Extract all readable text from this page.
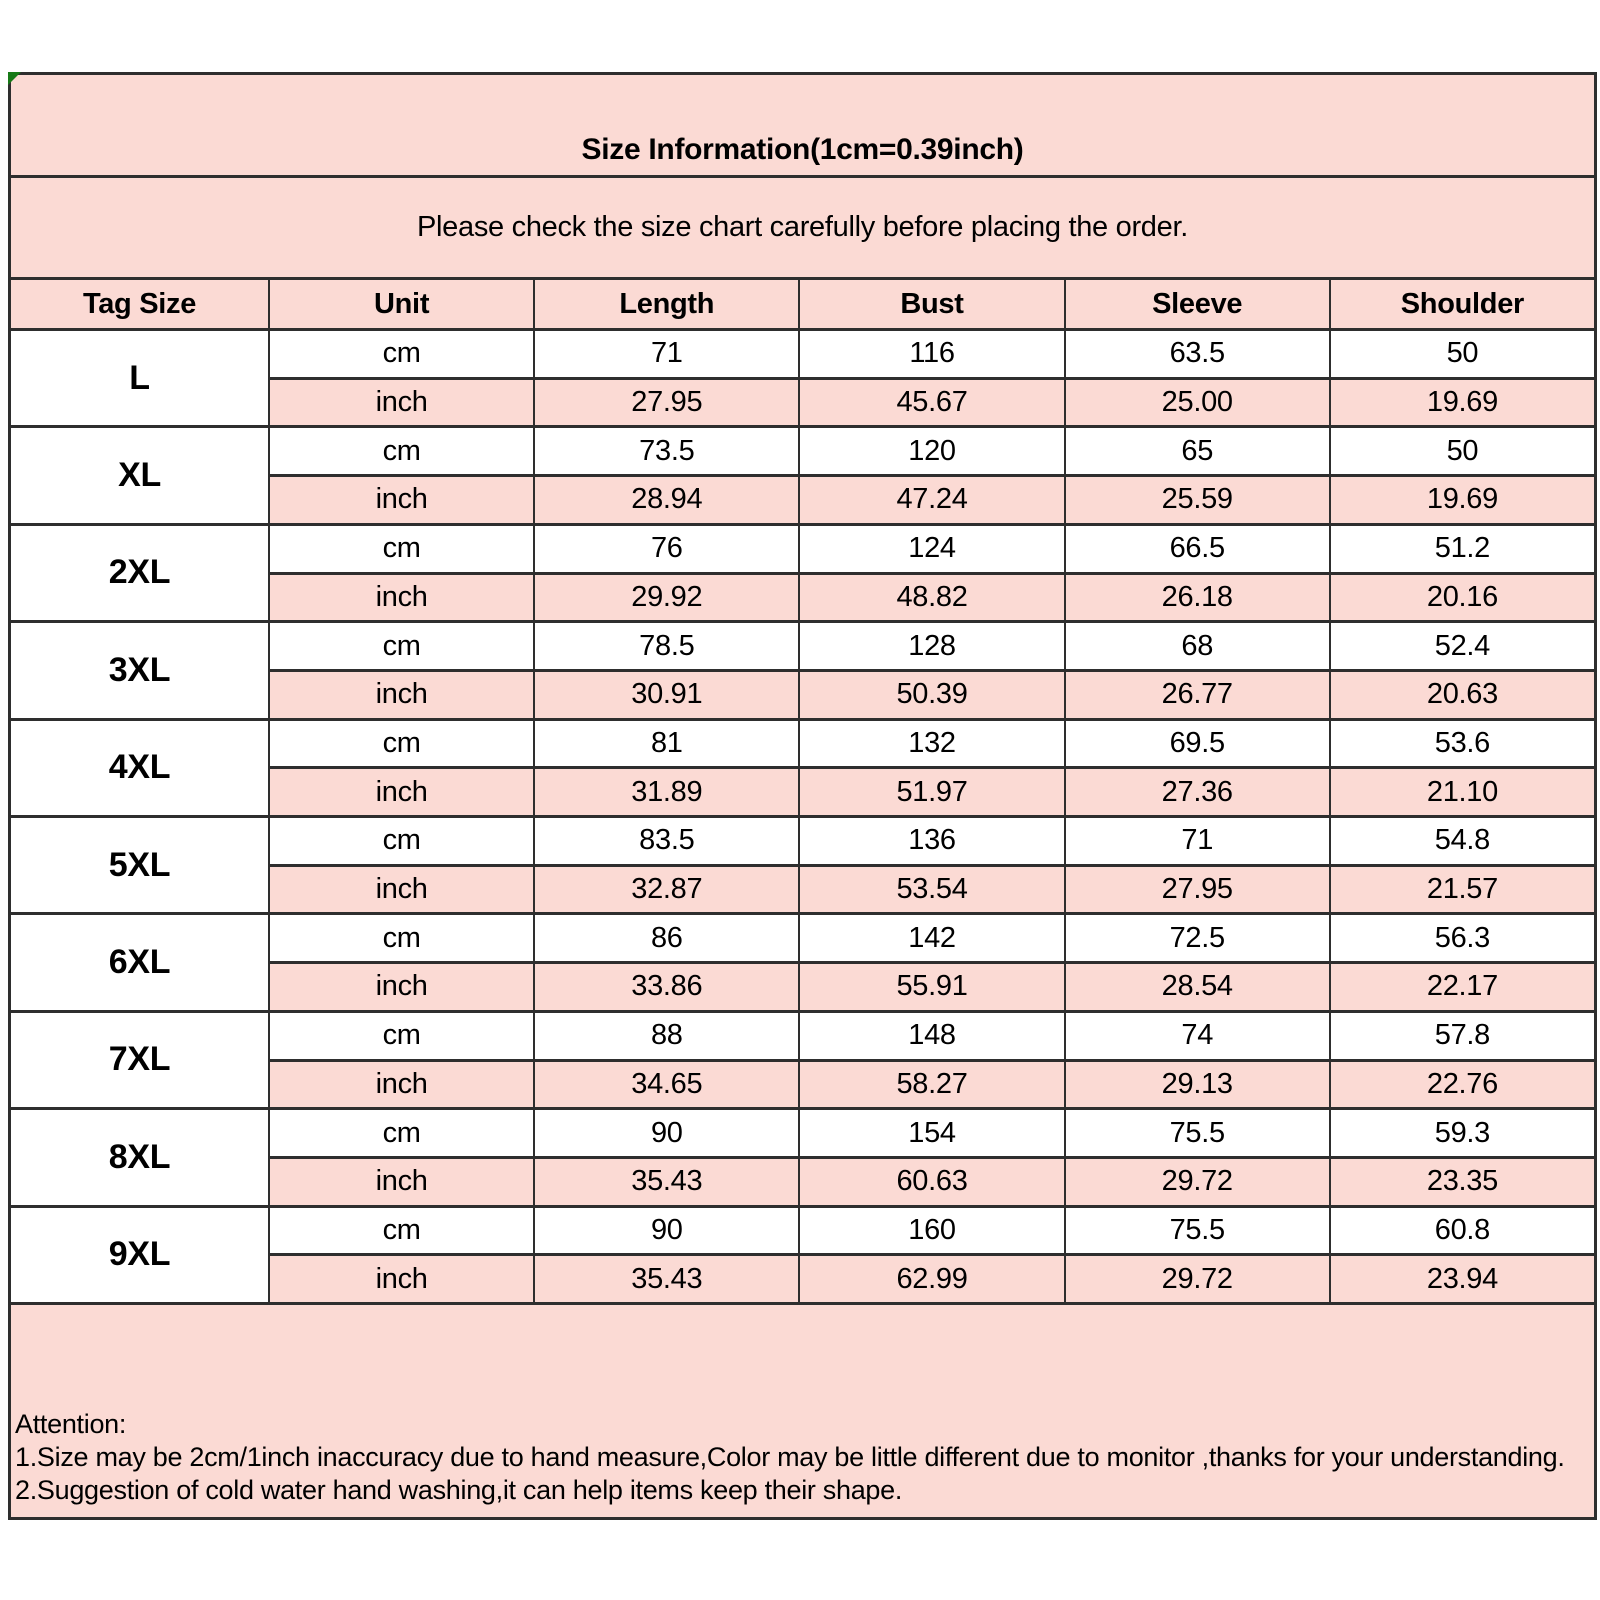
Size Information(1cm=0.39inch)
Please check the size chart carefully before placing the order.
Tag Size	Unit	Length	Bust	Sleeve	Shoulder
L
cm	71	116	63.5	50
inch	27.95	45.67	25.00	19.69
XL
cm	73.5	120	65	50
inch	28.94	47.24	25.59	19.69
2XL
cm	76	124	66.5	51.2
inch	29.92	48.82	26.18	20.16
3XL
cm	78.5	128	68	52.4
inch	30.91	50.39	26.77	20.63
4XL
cm	81	132	69.5	53.6
inch	31.89	51.97	27.36	21.10
5XL
cm	83.5	136	71	54.8
inch	32.87	53.54	27.95	21.57
6XL
cm	86	142	72.5	56.3
inch	33.86	55.91	28.54	22.17
7XL
cm	88	148	74	57.8
inch	34.65	58.27	29.13	22.76
8XL
cm	90	154	75.5	59.3
inch	35.43	60.63	29.72	23.35
9XL
cm	90	160	75.5	60.8
inch	35.43	62.99	29.72	23.94
Attention:
1.Size may be 2cm/1inch inaccuracy due to hand measure,Color may be little different due to monitor ,thanks for your understanding.
2.Suggestion of cold water hand washing,it can help items keep their shape.
